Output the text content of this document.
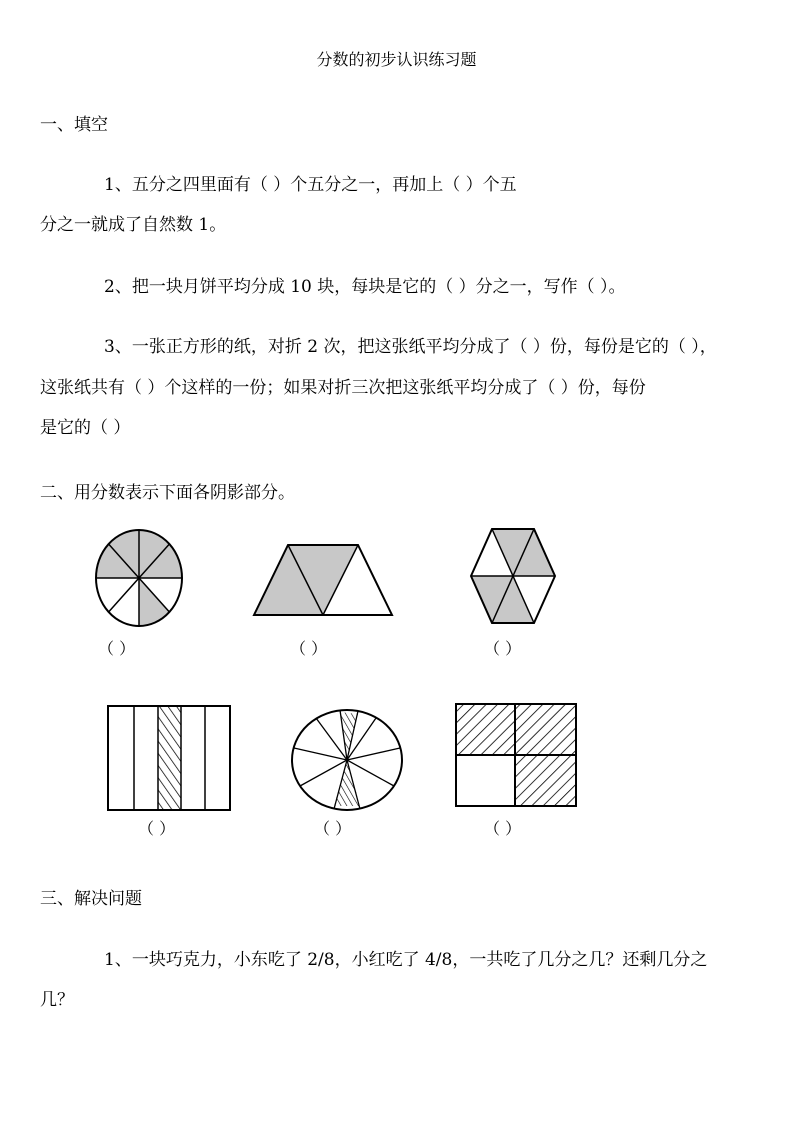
分数的初步认识练习题
一、填空
1、五分之四里面有（ ）个五分之一，再加上（ ）个五
分之一就成了自然数 1。
2、把一块月饼平均分成 10 块，每块是它的（ ）分之一，写作（ ）。
3、一张正方形的纸，对折 2 次，把这张纸平均分成了（ ）份，每份是它的（ ），
这张纸共有（ ）个这样的一份；如果对折三次把这张纸平均分成了（ ）份，每份
是它的（ ）
二、用分数表示下面各阴影部分。
（ ）	（ ）	（ ）
（ ）	（ ）	（ ）
三、解决问题
1、一块巧克力，小东吃了 2/8，小红吃了 4/8，一共吃了几分之几？还剩几分之
几？
